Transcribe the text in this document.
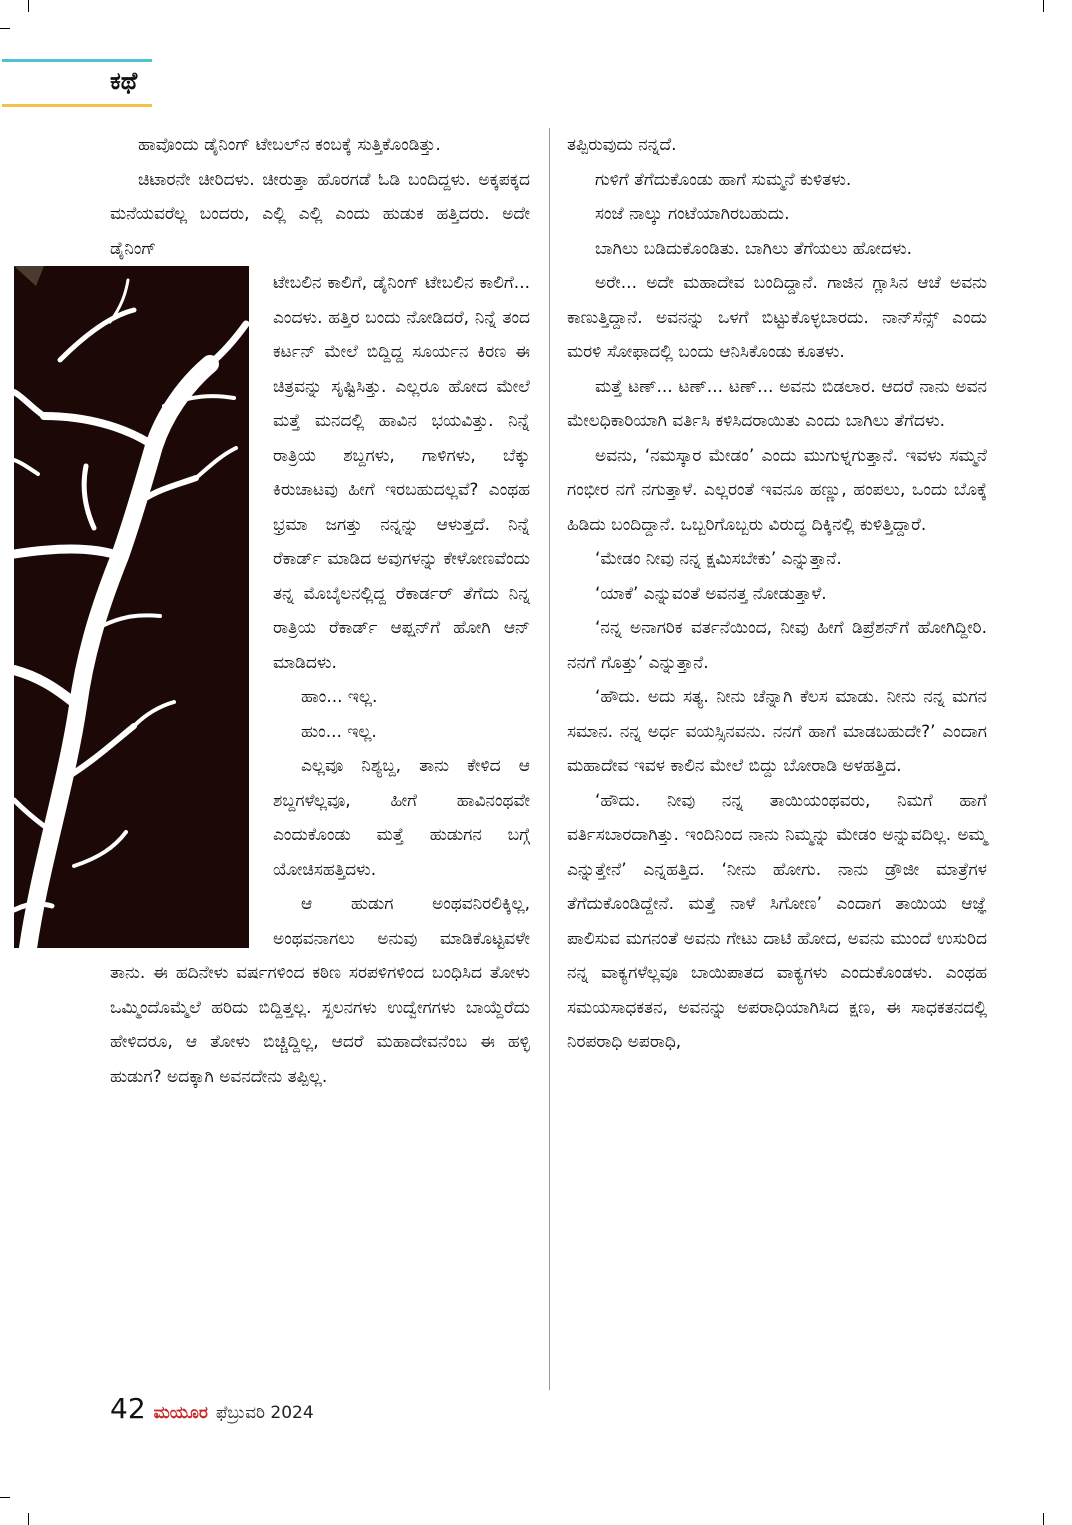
ಕಥೆ

ಹಾವೊಂದು ಡೈನಿಂಗ್ ಟೇಬಲ್‌ನ ಕಂಬಕ್ಕೆ ಸುತ್ತಿಕೊಂಡಿತ್ತು.

ಚಿಟಾರನೇ ಚೀರಿದಳು. ಚೀರುತ್ತಾ ಹೊರಗಡೆ ಓಡಿ ಬಂದಿದ್ದಳು. ಅಕ್ಕಪಕ್ಕದ ಮನೆಯವರೆಲ್ಲ ಬಂದರು, ಎಲ್ಲಿ ಎಲ್ಲಿ ಎಂದು ಹುಡುಕ ಹತ್ತಿದರು. ಅದೇ ಡೈನಿಂಗ್

ಟೇಬಲಿನ ಕಾಲಿಗೆ, ಡೈನಿಂಗ್ ಟೇಬಲಿನ ಕಾಲಿಗೆ... ಎಂದಳು. ಹತ್ತಿರ ಬಂದು ನೋಡಿದರೆ, ನಿನ್ನೆ ತಂದ ಕರ್ಟನ್ ಮೇಲೆ ಬಿದ್ದಿದ್ದ ಸೂರ್ಯನ ಕಿರಣ ಈ ಚಿತ್ರವನ್ನು ಸೃಷ್ಟಿಸಿತ್ತು. ಎಲ್ಲರೂ ಹೋದ ಮೇಲೆ ಮತ್ತೆ ಮನದಲ್ಲಿ ಹಾವಿನ ಭಯವಿತ್ತು. ನಿನ್ನೆ ರಾತ್ರಿಯ ಶಬ್ದಗಳು, ಗಾಳಿಗಳು, ಬೆಕ್ಕು ಕಿರುಚಾಟವು ಹೀಗೆ ಇರಬಹುದಲ್ಲವೆ? ಎಂಥಹ ಭ್ರಮಾ ಜಗತ್ತು ನನ್ನನ್ನು ಆಳುತ್ತದೆ. ನಿನ್ನೆ ರೆಕಾರ್ಡ್ ಮಾಡಿದ ಅವುಗಳನ್ನು ಕೇಳೋಣವೆಂದು ತನ್ನ ಮೊಬೈಲನಲ್ಲಿದ್ದ ರೆಕಾರ್ಡರ್ ತೆಗೆದು ನಿನ್ನ ರಾತ್ರಿಯ ರೆಕಾರ್ಡ್ ಆಪ್ಷನ್‌ಗೆ ಹೋಗಿ ಆನ್ ಮಾಡಿದಳು.

ಹಾಂ... ಇಲ್ಲ.

ಹುಂ... ಇಲ್ಲ.

ಎಲ್ಲವೂ ನಿಶ್ಯಬ್ದ, ತಾನು ಕೇಳಿದ ಆ ಶಬ್ದಗಳೆಲ್ಲವೂ, ಹೀಗೆ ಹಾವಿನಂಥವೇ ಎಂದುಕೊಂಡು ಮತ್ತೆ ಹುಡುಗನ ಬಗ್ಗೆ ಯೋಚಿಸಹತ್ತಿದಳು.

ಆ ಹುಡುಗ ಅಂಥವನಿರಲಿಕ್ಕಿಲ್ಲ, ಅಂಥವನಾಗಲು ಅನುವು ಮಾಡಿಕೊಟ್ಟವಳೇ ತಾನು. ಈ ಹದಿನೇಳು ವರ್ಷಗಳಿಂದ ಕಠಿಣ ಸರಪಳಿಗಳಿಂದ ಬಂಧಿಸಿದ ತೋಳು ಒಮ್ಮಿಂದೊಮ್ಮೆಲೆ ಹರಿದು ಬಿದ್ದಿತ್ತಲ್ಲ. ಸ್ಖಲನಗಳು ಉದ್ವೇಗಗಳು ಬಾಯ್ದೆರೆದು ಹೇಳಿದರೂ, ಆ ತೋಳು ಬಿಚ್ಚಿದ್ದಿಲ್ಲ, ಆದರೆ ಮಹಾದೇವನೆಂಬ ಈ ಹಳ್ಳಿ ಹುಡುಗ? ಅದಕ್ಕಾಗಿ ಅವನದೇನು ತಪ್ಪಿಲ್ಲ.

ತಪ್ಪಿರುವುದು ನನ್ನದೆ.

ಗುಳಿಗೆ ತೆಗೆದುಕೊಂಡು ಹಾಗೆ ಸುಮ್ಮನೆ ಕುಳಿತಳು.

ಸಂಜೆ ನಾಲ್ಕು ಗಂಟೆಯಾಗಿರಬಹುದು.

ಬಾಗಿಲು ಬಡಿದುಕೊಂಡಿತು. ಬಾಗಿಲು ತೆಗೆಯಲು ಹೋದಳು.

ಅರೇ... ಅದೇ ಮಹಾದೇವ ಬಂದಿದ್ದಾನೆ. ಗಾಜಿನ ಗ್ಲಾಸಿನ ಆಚೆ ಅವನು ಕಾಣುತ್ತಿದ್ದಾನೆ. ಅವನನ್ನು ಒಳಗೆ ಬಿಟ್ಟುಕೊಳ್ಳಬಾರದು. ನಾನ್‌ಸೆನ್ಸ್ ಎಂದು ಮರಳಿ ಸೋಫಾದಲ್ಲಿ ಬಂದು ಆನಿಸಿಕೊಂಡು ಕೂತಳು.

ಮತ್ತೆ ಟಣ್... ಟಣ್... ಟಣ್... ಅವನು ಬಿಡಲಾರ. ಆದರೆ ನಾನು ಅವನ ಮೇಲಧಿಕಾರಿಯಾಗಿ ವರ್ತಿಸಿ ಕಳಿಸಿದರಾಯಿತು ಎಂದು ಬಾಗಿಲು ತೆಗೆದಳು.

ಅವನು, ‘ನಮಸ್ಕಾರ ಮೇಡಂ’ ಎಂದು ಮುಗುಳ್ನಗುತ್ತಾನೆ. ಇವಳು ಸಮ್ಮನೆ ಗಂಭೀರ ನಗೆ ನಗುತ್ತಾಳೆ. ಎಲ್ಲರಂತೆ ಇವನೂ ಹಣ್ಣು, ಹಂಪಲು, ಒಂದು ಬೊಕ್ಕೆ ಹಿಡಿದು ಬಂದಿದ್ದಾನೆ. ಒಬ್ಬರಿಗೊಬ್ಬರು ವಿರುದ್ಧ ದಿಕ್ಕಿನಲ್ಲಿ ಕುಳಿತ್ತಿದ್ದಾರೆ.

‘ಮೇಡಂ ನೀವು ನನ್ನ ಕ್ಷಮಿಸಬೇಕು’ ಎನ್ನುತ್ತಾನೆ.

‘ಯಾಕೆ’ ಎನ್ನುವಂತೆ ಅವನತ್ತ ನೋಡುತ್ತಾಳೆ.

‘ನನ್ನ ಅನಾಗರಿಕ ವರ್ತನೆಯಿಂದ, ನೀವು ಹೀಗೆ ಡಿಪ್ರೆಶನ್‌ಗೆ ಹೋಗಿದ್ದೀರಿ. ನನಗೆ ಗೊತ್ತು’ ಎನ್ನುತ್ತಾನೆ.

‘ಹೌದು. ಅದು ಸತ್ಯ. ನೀನು ಚೆನ್ನಾಗಿ ಕೆಲಸ ಮಾಡು. ನೀನು ನನ್ನ ಮಗನ ಸಮಾನ. ನನ್ನ ಅರ್ಧ ವಯಸ್ಸಿನವನು. ನನಗೆ ಹಾಗೆ ಮಾಡಬಹುದೇ?’ ಎಂದಾಗ ಮಹಾದೇವ ಇವಳ ಕಾಲಿನ ಮೇಲೆ ಬಿದ್ದು ಬೋರಾಡಿ ಅಳಹತ್ತಿದ.

‘ಹೌದು. ನೀವು ನನ್ನ ತಾಯಿಯಂಥವರು, ನಿಮಗೆ ಹಾಗೆ ವರ್ತಿಸಬಾರದಾಗಿತ್ತು. ಇಂದಿನಿಂದ ನಾನು ನಿಮ್ಮನ್ನು ಮೇಡಂ ಅನ್ನುವದಿಲ್ಲ. ಅಮ್ಮ ಎನ್ನುತ್ತೇನೆ’ ಎನ್ನಹತ್ತಿದ. ‘ನೀನು ಹೋಗು. ನಾನು ಡ್ರೌಜೀ ಮಾತ್ರೆಗಳ ತೆಗೆದುಕೊಂಡಿದ್ದೇನೆ. ಮತ್ತೆ ನಾಳೆ ಸಿಗೋಣ’ ಎಂದಾಗ ತಾಯಿಯ ಆಜ್ಞೆ ಪಾಲಿಸುವ ಮಗನಂತೆ ಅವನು ಗೇಟು ದಾಟಿ ಹೋದ, ಅವನು ಮುಂದೆ ಉಸುರಿದ ನನ್ನ ವಾಕ್ಯಗಳೆಲ್ಲವೂ ಬಾಯಿಪಾತದ ವಾಕ್ಯಗಳು ಎಂದುಕೊಂಡಳು. ಎಂಥಹ ಸಮಯಸಾಧಕತನ, ಅವನನ್ನು ಅಪರಾಧಿಯಾಗಿಸಿದ ಕ್ಷಣ, ಈ ಸಾಧಕತನದಲ್ಲಿ ನಿರಪರಾಧಿ ಅಪರಾಧಿ,

42 ಮಯೂರ ಫೆಬ್ರುವರಿ 2024
